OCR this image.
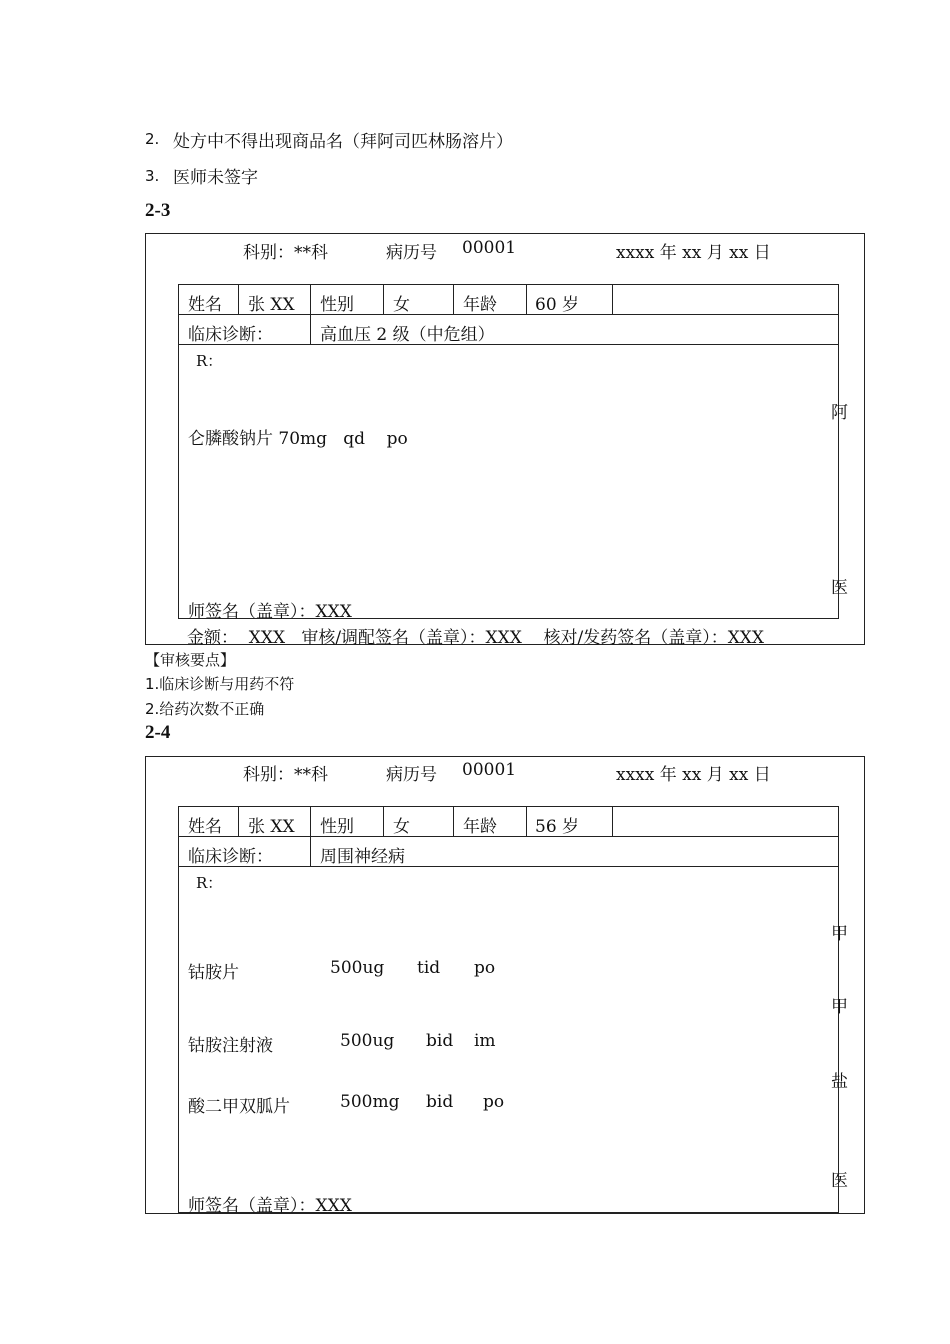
2. 处方中不得出现商品名（拜阿司匹林肠溶片）
3. 医师未签字
2-3
科别：**科	病历号 00001	xxxx 年 xx 月 xx 日
姓名 张 XX 性别 女	年龄 60 岁
临床诊断：	高血压 2 级（中危组）
R：
仑膦酸钠片 70mg   qd    po
阿
医
师签名（盖章）：XXX
金额：  XXX   审核/调配签名（盖章）：XXX    核对/发药签名（盖章）：XXX
【审核要点】
1.临床诊断与用药不符
2.给药次数不正确
2-4
科别：**科	病历号 00001	xxxx 年 xx 月 xx 日
姓名 张 XX 性别 女	年龄 56 岁
临床诊断：	周围神经病
R：
钴胺片	500ug tid po
钴胺注射液	500ug bid im
酸二甲双胍片	500mg bid po
甲
甲
盐
医
师签名（盖章）：XXX
